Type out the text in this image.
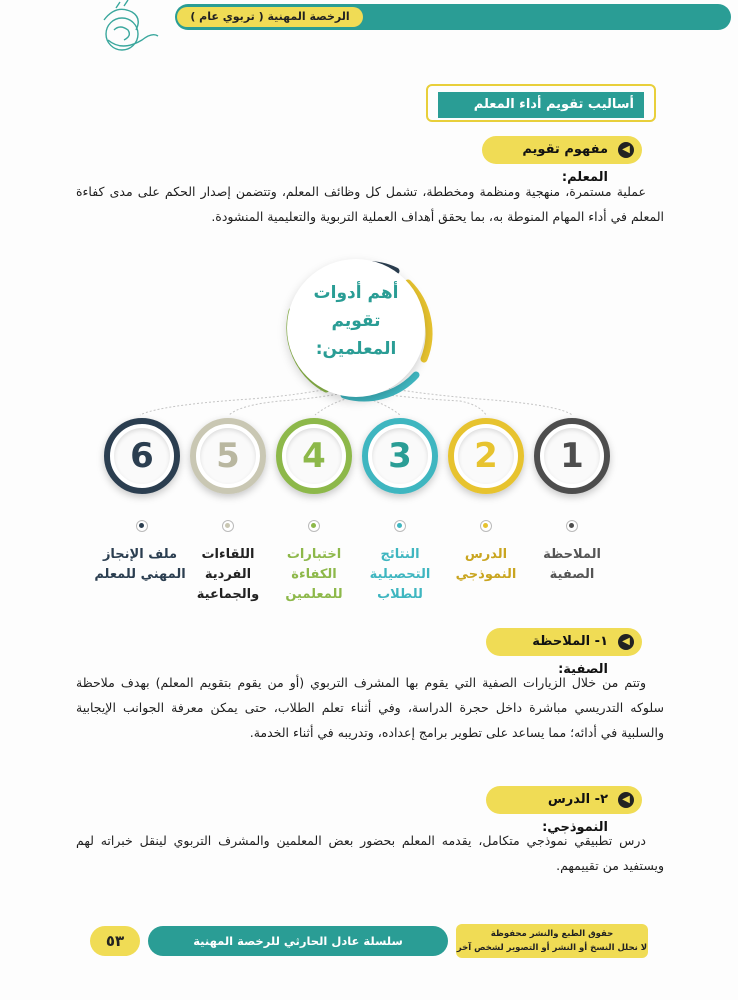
الرخصة المهنية ( تربوي عام )
أساليب تقويم أداء المعلم
◀
مفهوم تقويم المعلم:
عملية مستمرة، منهجية ومنظمة ومخططة، تشمل كل وظائف المعلم، وتتضمن إصدار الحكم على مدى كفاءة المعلم في أداء المهام المنوطة به، بما يحقق أهداف العملية التربوية والتعليمية المنشودة.
أهم أدوات
تقويم
المعلمين:
1
2
3
4
5
6
الملاحظة
الصفية
الدرس
النموذجي
النتائج
التحصيلية
للطلاب
اختبارات
الكفاءة
للمعلمين
اللقاءات
الفردية
والجماعية
ملف الإنجاز
المهني للمعلم
◀
١- الملاحظة الصفية:
وتتم من خلال الزيارات الصفية التي يقوم بها المشرف التربوي (أو من يقوم بتقويم المعلم) بهدف ملاحظة سلوكه التدريسي مباشرة داخل حجرة الدراسة، وفي أثناء تعلم الطلاب، حتى يمكن معرفة الجوانب الإيجابية والسلبية في أدائه؛ مما يساعد على تطوير برامج إعداده، وتدريبه في أثناء الخدمة.
◀
٢- الدرس النموذجي:
درس تطبيقي نموذجي متكامل، يقدمه المعلم بحضور بعض المعلمين والمشرف التربوي لينقل خبراته لهم ويستفيد من تقييمهم.
حقوق الطبع والنشر محفوظة
لا نحلل النسخ أو النشر أو التصوير لشخص آخر
سلسلة عادل الحارثي للرخصة المهنية
٥٣
